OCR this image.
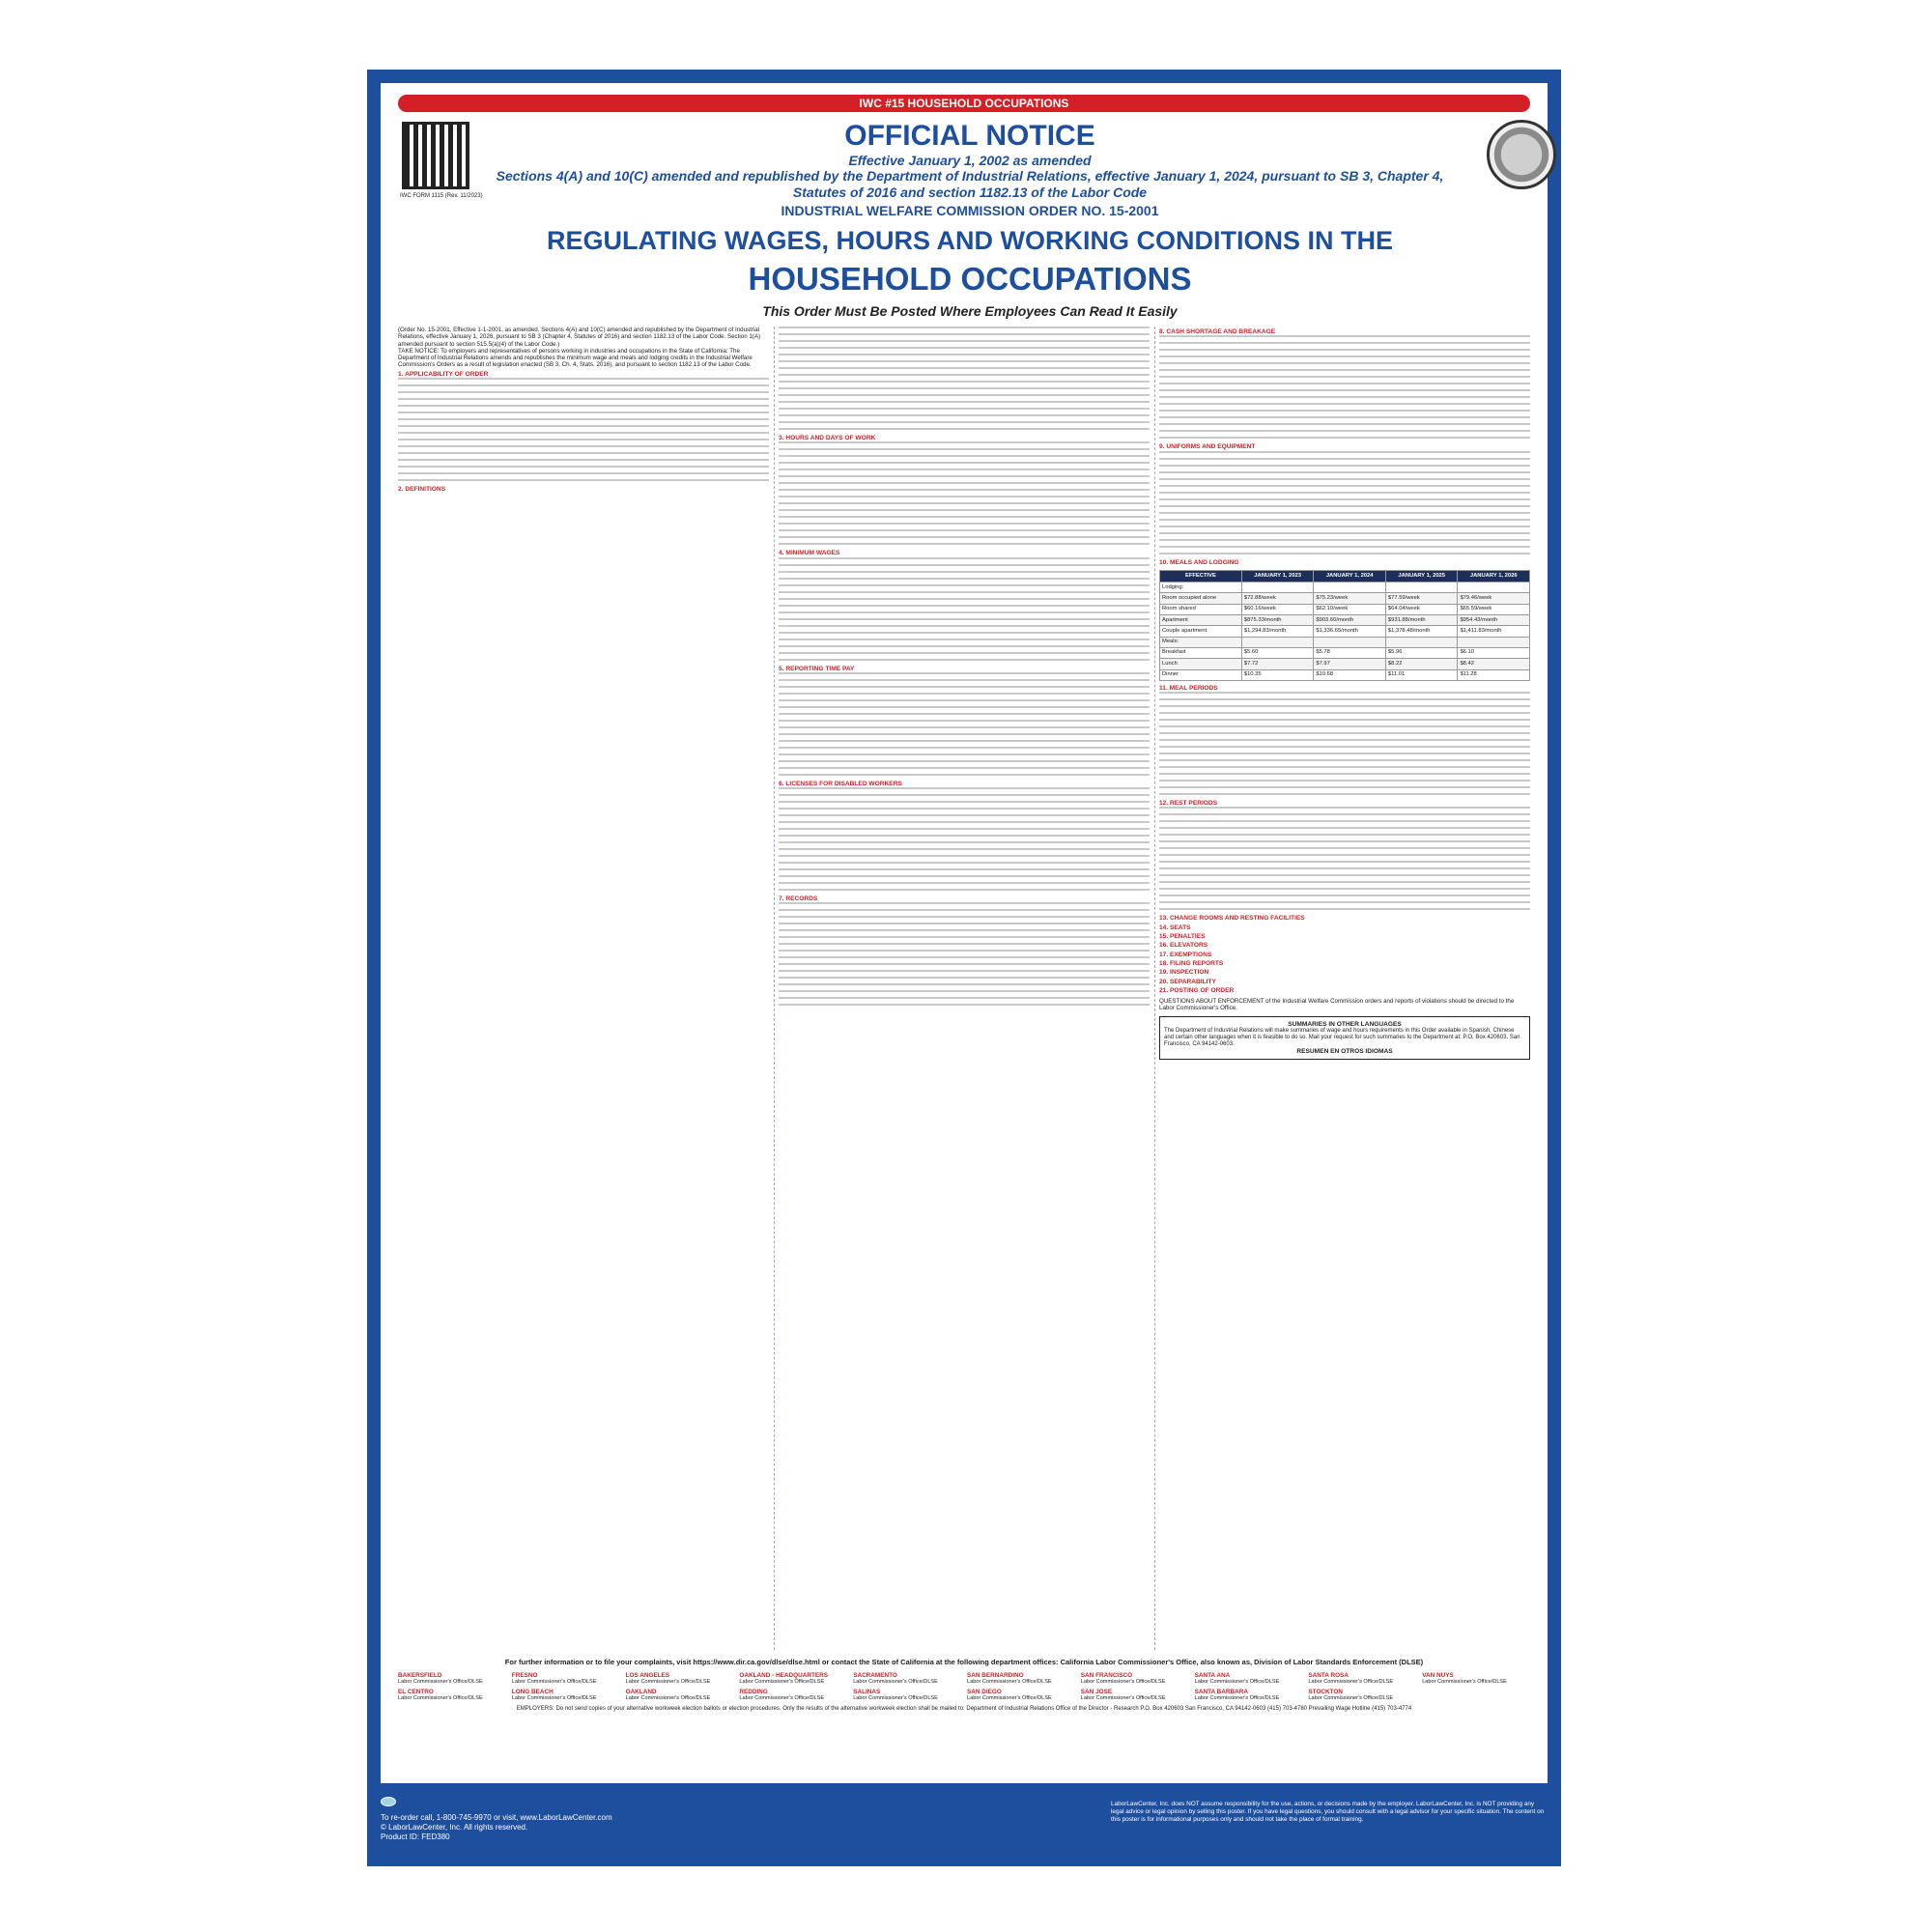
IWC #15 HOUSEHOLD OCCUPATIONS
IWC FORM 1115 (Rev. 11/2023)
OFFICIAL NOTICE
Effective January 1, 2002 as amended
Sections 4(A) and 10(C) amended and republished by the Department of Industrial Relations, effective January 1, 2024, pursuant to SB 3, Chapter 4, Statutes of 2016 and section 1182.13 of the Labor Code
INDUSTRIAL WELFARE COMMISSION ORDER NO. 15-2001
REGULATING WAGES, HOURS AND WORKING CONDITIONS IN THE
HOUSEHOLD OCCUPATIONS
This Order Must Be Posted Where Employees Can Read It Easily
(Order No. 15-2001, Effective 1-1-2001, as amended. Sections 4(A) and 10(C) amended and republished by the Department of Industrial Relations, effective January 1, 2026, pursuant to SB 3 (Chapter 4, Statutes of 2016) and section 1182.13 of the Labor Code. Section 1(A) amended pursuant to section 515.5(a)(4) of the Labor Code.)
TAKE NOTICE: To employers and representatives of persons working in industries and occupations in the State of California: The Department of Industrial Relations amends and republishes the minimum wage and meals and lodging credits in the Industrial Welfare Commission's Orders as a result of legislation enacted (SB 3, Ch. 4, Stats. 2016), and pursuant to section 1182.13 of the Labor Code.
1. APPLICABILITY OF ORDER
2. DEFINITIONS
3. HOURS AND DAYS OF WORK
4. MINIMUM WAGES
5. REPORTING TIME PAY
6. LICENSES FOR DISABLED WORKERS
7. RECORDS
8. CASH SHORTAGE AND BREAKAGE
9. UNIFORMS AND EQUIPMENT
10. MEALS AND LODGING
EFFECTIVE	JANUARY 1, 2023	JANUARY 1, 2024	JANUARY 1, 2025	JANUARY 1, 2026
Lodging:				
Room occupied alone	$72.88/week	$75.23/week	$77.59/week	$79.46/week
Room shared	$60.16/week	$62.10/week	$64.04/week	$65.59/week
Apartment	$875.33/month	$903.60/month	$931.88/month	$954.43/month
Couple apartment	$1,294.83/month	$1,336.65/month	$1,378.48/month	$1,411.83/month
Meals:				
Breakfast	$5.60	$5.78	$5.96	$6.10
Lunch	$7.72	$7.97	$8.22	$8.42
Dinner	$10.35	$10.68	$11.01	$11.28
11. MEAL PERIODS
12. REST PERIODS
13. CHANGE ROOMS AND RESTING FACILITIES
14. SEATS
15. PENALTIES
16. ELEVATORS
17. EXEMPTIONS
18. FILING REPORTS
19. INSPECTION
20. SEPARABILITY
21. POSTING OF ORDER
QUESTIONS ABOUT ENFORCEMENT of the Industrial Welfare Commission orders and reports of violations should be directed to the Labor Commissioner's Office.
SUMMARIES IN OTHER LANGUAGES
The Department of Industrial Relations will make summaries of wage and hours requirements in this Order available in Spanish, Chinese and certain other languages when it is feasible to do so. Mail your request for such summaries to the Department at: P.O. Box 420603, San Francisco, CA 94142-0603.
RESUMEN EN OTROS IDIOMAS
For further information or to file your complaints, visit https://www.dir.ca.gov/dlse/dlse.html or contact the State of California at the following department offices: California Labor Commissioner's Office, also known as, Division of Labor Standards Enforcement (DLSE)
BAKERSFIELD
Labor Commissioner's Office/DLSE
FRESNO
Labor Commissioner's Office/DLSE
LOS ANGELES
Labor Commissioner's Office/DLSE
OAKLAND - HEADQUARTERS
Labor Commissioner's Office/DLSE
SACRAMENTO
Labor Commissioner's Office/DLSE
SAN BERNARDINO
Labor Commissioner's Office/DLSE
SAN FRANCISCO
Labor Commissioner's Office/DLSE
SANTA ANA
Labor Commissioner's Office/DLSE
SANTA ROSA
Labor Commissioner's Office/DLSE
VAN NUYS
Labor Commissioner's Office/DLSE
EL CENTRO
Labor Commissioner's Office/DLSE
LONG BEACH
Labor Commissioner's Office/DLSE
OAKLAND
Labor Commissioner's Office/DLSE
REDDING
Labor Commissioner's Office/DLSE
SALINAS
Labor Commissioner's Office/DLSE
SAN DIEGO
Labor Commissioner's Office/DLSE
SAN JOSE
Labor Commissioner's Office/DLSE
SANTA BARBARA
Labor Commissioner's Office/DLSE
STOCKTON
Labor Commissioner's Office/DLSE
EMPLOYERS: Do not send copies of your alternative workweek election ballots or election procedures. Only the results of the alternative workweek election shall be mailed to: Department of Industrial Relations Office of the Director - Research P.O. Box 420603 San Francisco, CA 94142-0603 (415) 703-4780 Prevailing Wage Hotline (415) 703-4774

To re-order call, 1-800-745-9970 or visit, www.LaborLawCenter.com
© LaborLawCenter, Inc. All rights reserved.
Product ID: FED380
LaborLawCenter, Inc. does NOT assume responsibility for the use, actions, or decisions made by the employer. LaborLawCenter, Inc. is NOT providing any legal advice or legal opinion by selling this poster. If you have legal questions, you should consult with a legal advisor for your specific situation. The content on this poster is for informational purposes only and should not take the place of formal training.
